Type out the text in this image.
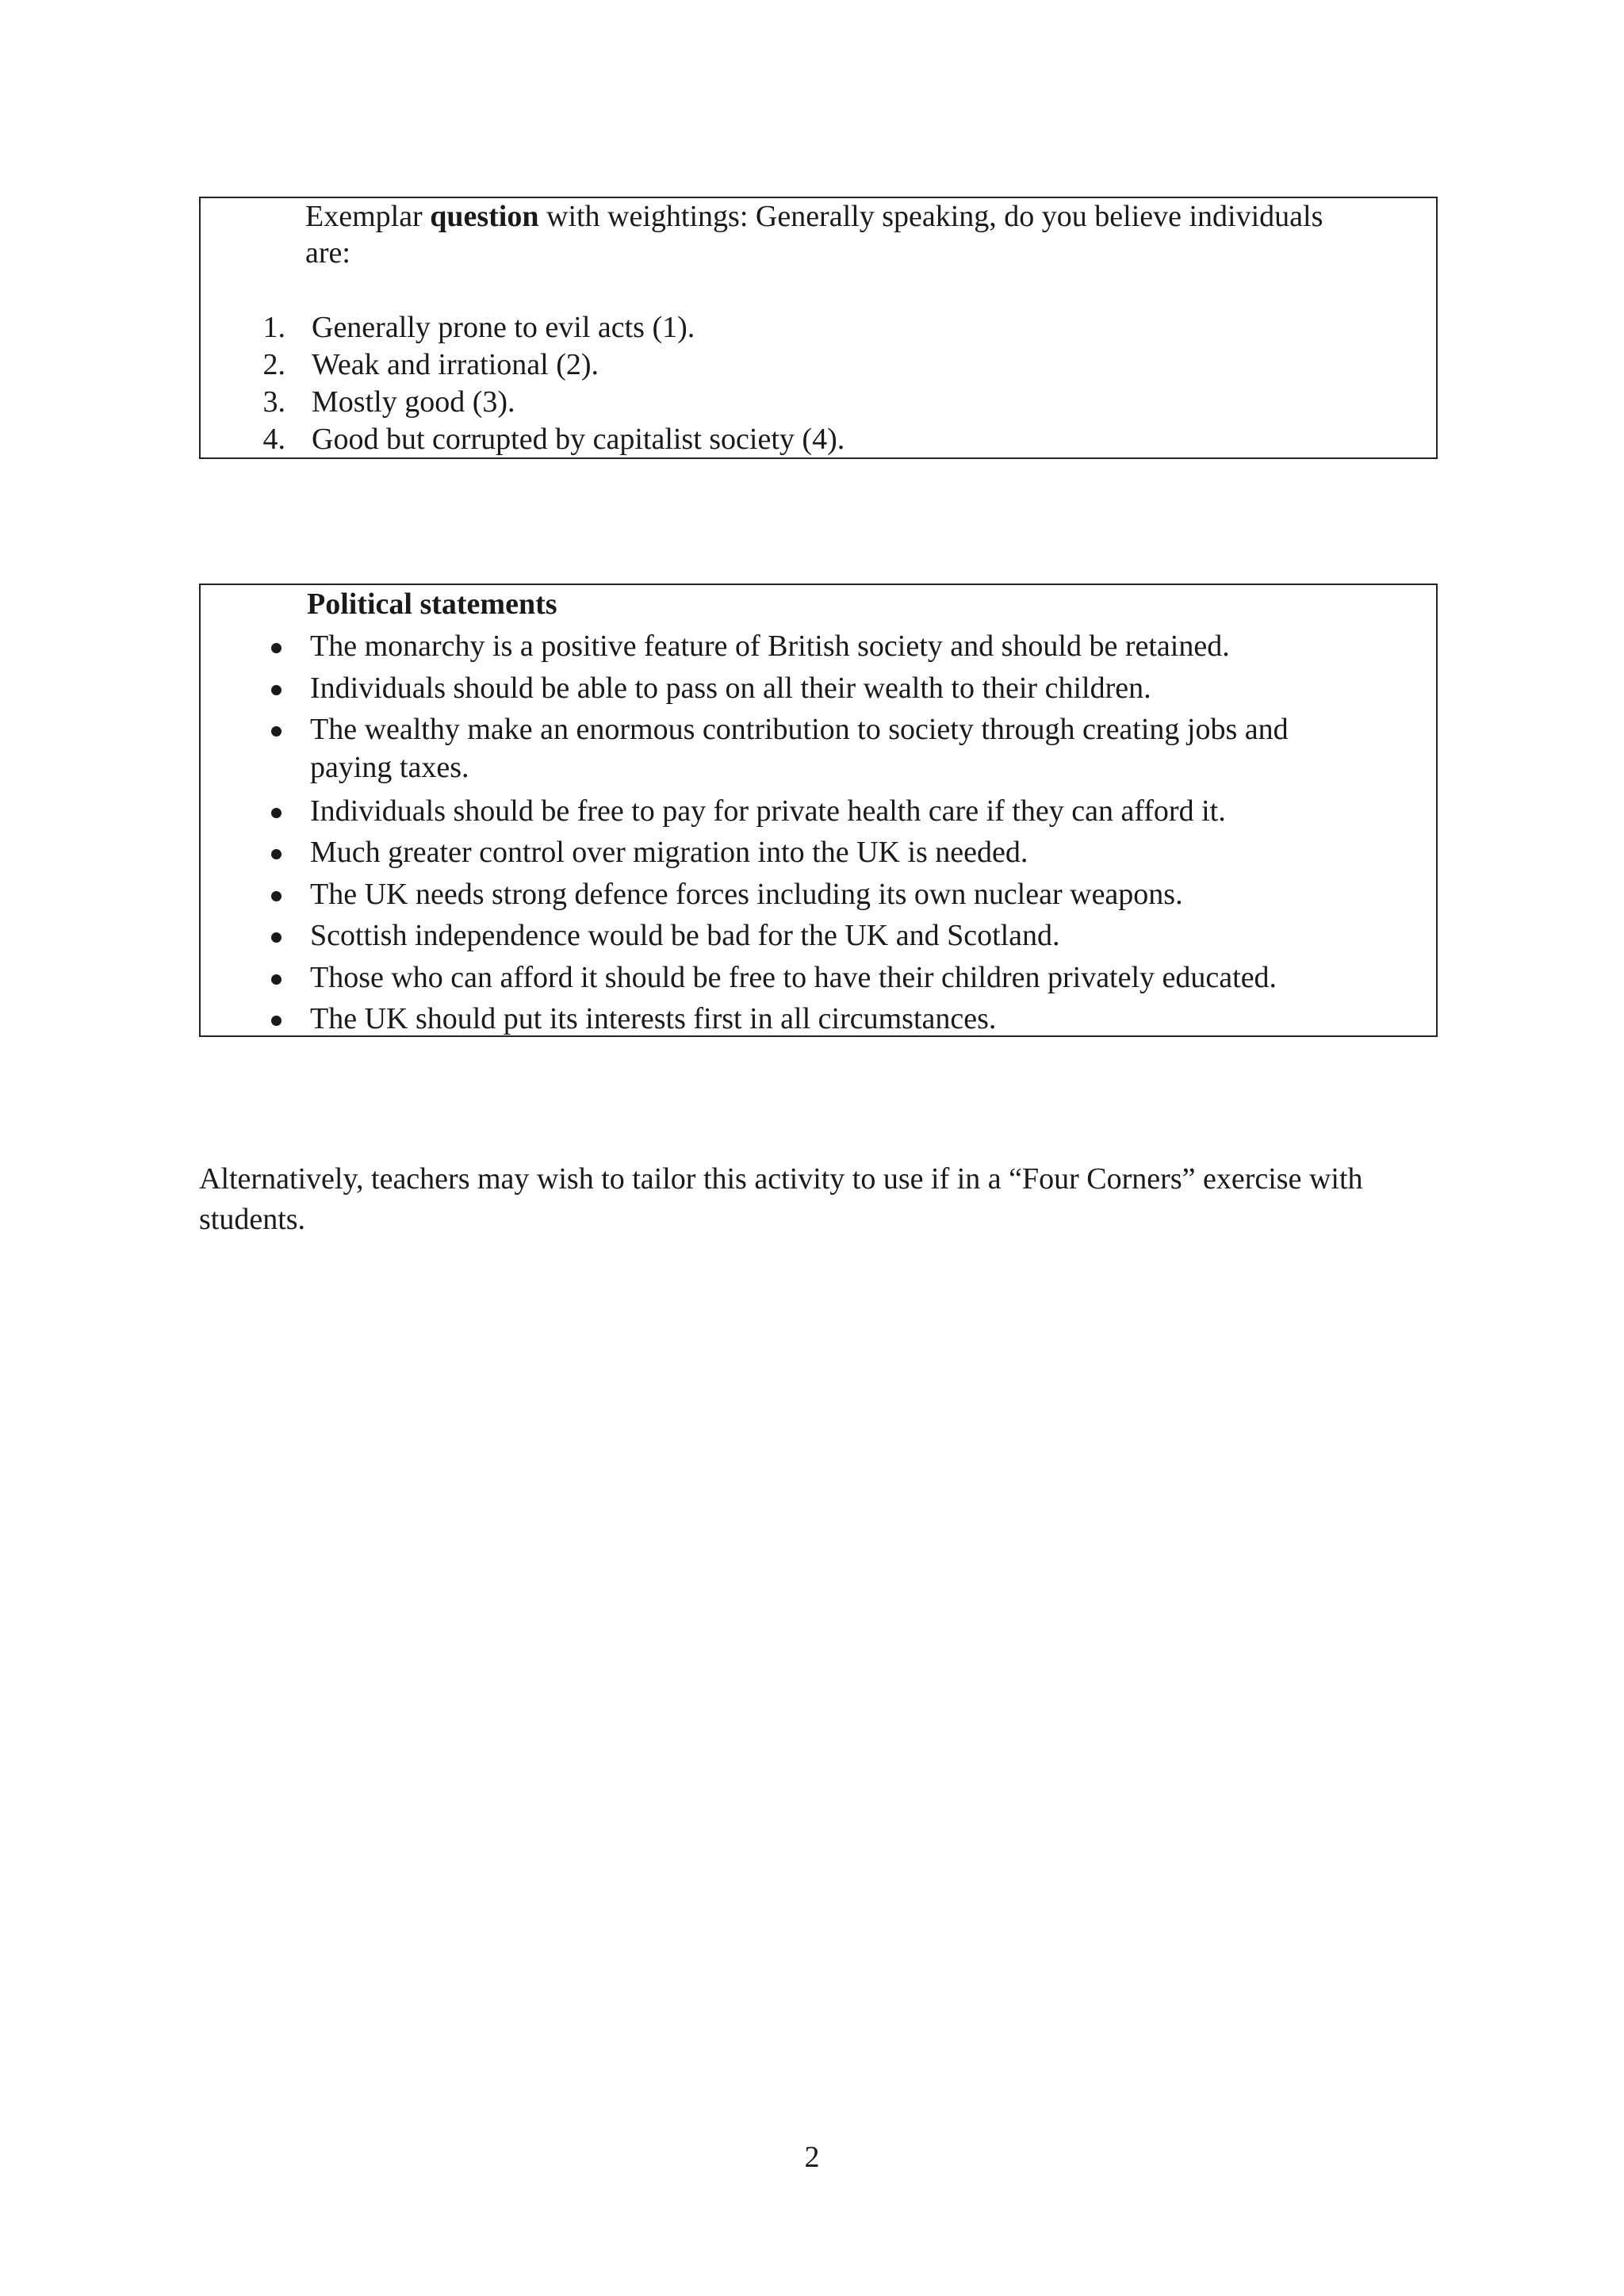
Exemplar question with weightings: Generally speaking, do you believe individuals
are:
1. Generally prone to evil acts (1).
2. Weak and irrational (2).
3. Mostly good (3).
4. Good but corrupted by capitalist society (4).
Political statements
The monarchy is a positive feature of British society and should be retained.
Individuals should be able to pass on all their wealth to their children.
The wealthy make an enormous contribution to society through creating jobs and
paying taxes.
Individuals should be free to pay for private health care if they can afford it.
Much greater control over migration into the UK is needed.
The UK needs strong defence forces including its own nuclear weapons.
Scottish independence would be bad for the UK and Scotland.
Those who can afford it should be free to have their children privately educated.
The UK should put its interests first in all circumstances.
Alternatively, teachers may wish to tailor this activity to use if in a “Four Corners” exercise with
students.
2
